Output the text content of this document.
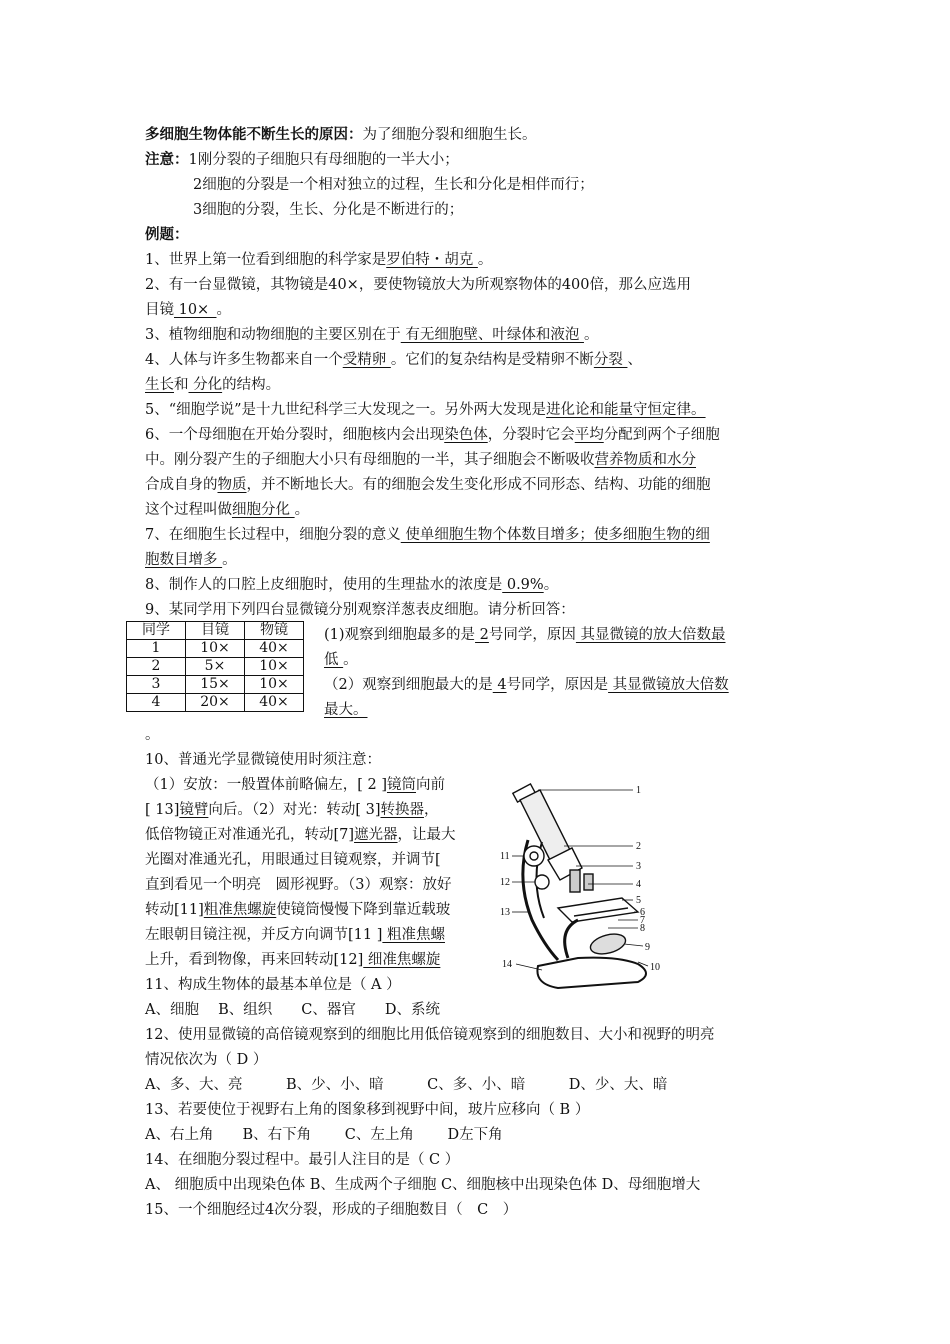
多细胞生物体能不断生长的原因：为了细胞分裂和细胞生长。
注意：1刚分裂的子细胞只有母细胞的一半大小；
2细胞的分裂是一个相对独立的过程，生长和分化是相伴而行；
3细胞的分裂，生长、分化是不断进行的；
例题：
1、世界上第一位看到细胞的科学家是罗伯特・胡克 。
2、有一台显微镜，其物镜是40×，要使物镜放大为所观察物体的400倍，那么应选用
目镜 10×_。
3、植物细胞和动物细胞的主要区别在于 有无细胞壁、叶绿体和液泡 。
4、人体与许多生物都来自一个受精卵 。它们的复杂结构是受精卵不断分裂 、
生长和 分化的结构。
5、“细胞学说”是十九世纪科学三大发现之一。另外两大发现是进化论和能量守恒定律。
6、一个母细胞在开始分裂时，细胞核内会出现染色体，分裂时它会平均分配到两个子细胞
中。刚分裂产生的子细胞大小只有母细胞的一半，其子细胞会不断吸收营养物质和水分
合成自身的物质，并不断地长大。有的细胞会发生变化形成不同形态、结构、功能的细胞
这个过程叫做细胞分化 。
7、在细胞生长过程中，细胞分裂的意义 使单细胞生物个体数目增多；使多细胞生物的细
胞数目增多 。
8、制作人的口腔上皮细胞时，使用的生理盐水的浓度是 0.9%。
9、某同学用下列四台显微镜分别观察洋葱表皮细胞。请分析回答：
同学	目镜	物镜
1	10×	40×
2	5×	10×
3	15×	10×
4	20×	40×
(1)观察到细胞最多的是 2号同学，原因 其显微镜的放大倍数最
低 。
（2）观察到细胞最大的是 4号同学，原因是 其显微镜放大倍数
最大。
。
10、普通光学显微镜使用时须注意：
（1）安放：一般置体前略偏左，[ 2 ]镜筒向前
[ 13]镜臂向后。（2）对光：转动[ 3]转换器，
低倍物镜正对准通光孔，转动[7]遮光器，让最大
光圈对准通光孔，用眼通过目镜观察，并调节[
直到看见一个明亮　圆形视野。（3）观察：放好
转动[11]粗准焦螺旋使镜筒慢慢下降到靠近载玻
左眼朝目镜注视，并反方向调节[11 ] 粗准焦螺
上升，看到物像，再来回转动[12] 细准焦螺旋
1
2
3
4
5
6
7
8
9
10
11
12
13
14
11、构成生物体的最基本单位是（ A ）
A、细胞　 B、组织　　C、器官　　D、系统
12、使用显微镜的高倍镜观察到的细胞比用低倍镜观察到的细胞数目、大小和视野的明亮
情况依次为（ D ）
A、多、大、亮　　　B、少、小、暗　　　C、多、小、暗　　　D、少、大、暗
13、若要使位于视野右上角的图象移到视野中间，玻片应移向（ B ）
A、右上角　　B、右下角　　 C、左上角　　 D左下角
14、在细胞分裂过程中。最引人注目的是（ C ）
A、 细胞质中出现染色体 B、生成两个子细胞 C、细胞核中出现染色体 D、母细胞增大
15、一个细胞经过4次分裂，形成的子细胞数目（　C　）
